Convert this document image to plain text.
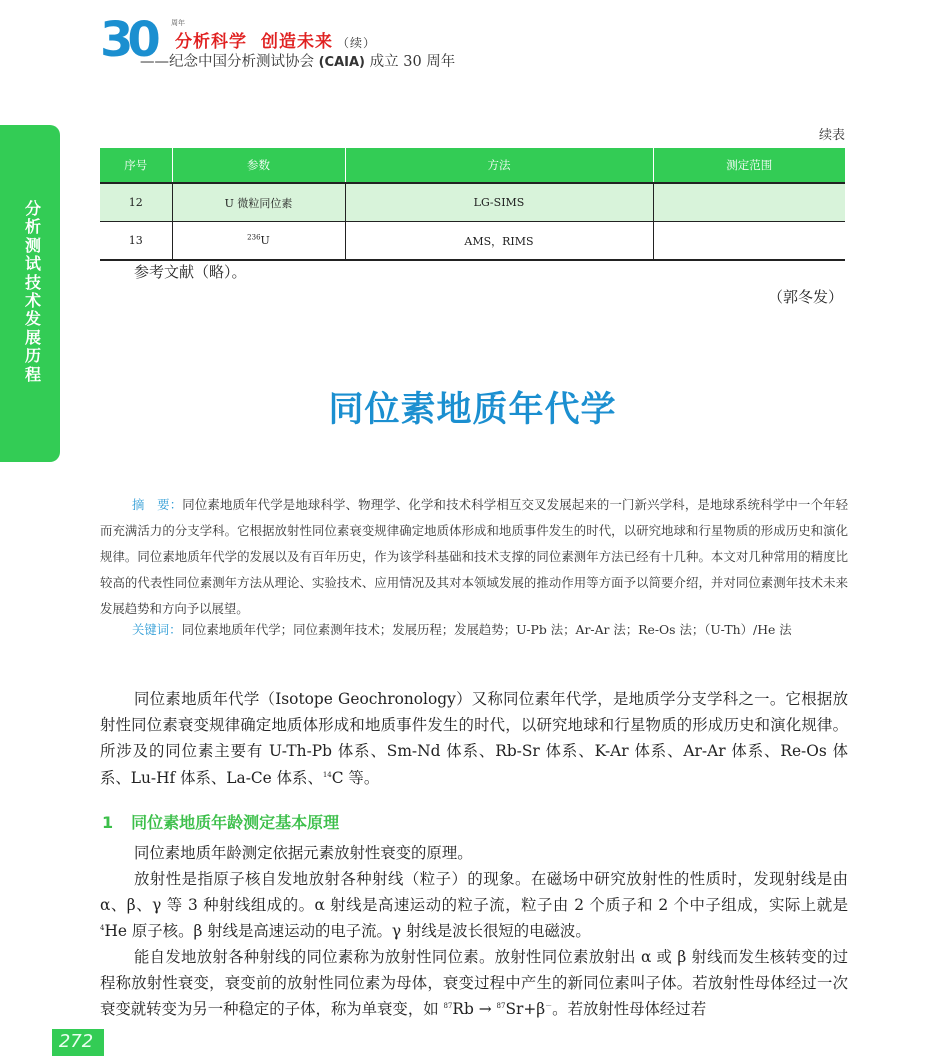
30 周年
分析科学 创造未来 （续）
——纪念中国分析测试协会 (CAIA) 成立 30 周年
分析测试技术发展历程
续表
序号	参数	方法	测定范围
12	U 微粒同位素	LG-SIMS	
13	$^{236}$U	AMS，RIMS	
参考文献（略）。
（郭冬发）
同位素地质年代学
摘　要：同位素地质年代学是地球科学、物理学、化学和技术科学相互交叉发展起来的一门新兴学科，是地球系统科学中一个年轻而充满活力的分支学科。它根据放射性同位素衰变规律确定地质体形成和地质事件发生的时代，以研究地球和行星物质的形成历史和演化规律。同位素地质年代学的发展以及有百年历史，作为该学科基础和技术支撑的同位素测年方法已经有十几种。本文对几种常用的精度比较高的代表性同位素测年方法从理论、实验技术、应用情况及其对本领域发展的推动作用等方面予以简要介绍，并对同位素测年技术未来发展趋势和方向予以展望。
关键词：同位素地质年代学；同位素测年技术；发展历程；发展趋势；U-Pb 法；Ar-Ar 法；Re-Os 法；（U-Th）/He 法
同位素地质年代学（Isotope Geochronology）又称同位素年代学，是地质学分支学科之一。它根据放射性同位素衰变规律确定地质体形成和地质事件发生的时代，以研究地球和行星物质的形成历史和演化规律。所涉及的同位素主要有 U-Th-Pb 体系、Sm-Nd 体系、Rb-Sr 体系、K-Ar 体系、Ar-Ar 体系、Re-Os 体系、Lu-Hf 体系、La-Ce 体系、$^{14}$C 等。
1 同位素地质年龄测定基本原理
同位素地质年龄测定依据元素放射性衰变的原理。
放射性是指原子核自发地放射各种射线（粒子）的现象。在磁场中研究放射性的性质时，发现射线是由 α、β、γ 等 3 种射线组成的。α 射线是高速运动的粒子流，粒子由 2 个质子和 2 个中子组成，实际上就是$^4$He 原子核。β 射线是高速运动的电子流。γ 射线是波长很短的电磁波。
能自发地放射各种射线的同位素称为放射性同位素。放射性同位素放射出 α 或 β 射线而发生核转变的过程称放射性衰变，衰变前的放射性同位素为母体，衰变过程中产生的新同位素叫子体。若放射性母体经过一次衰变就转变为另一种稳定的子体，称为单衰变，如 $^{87}$Rb → $^{87}$Sr+β－。若放射性母体经过若
272
